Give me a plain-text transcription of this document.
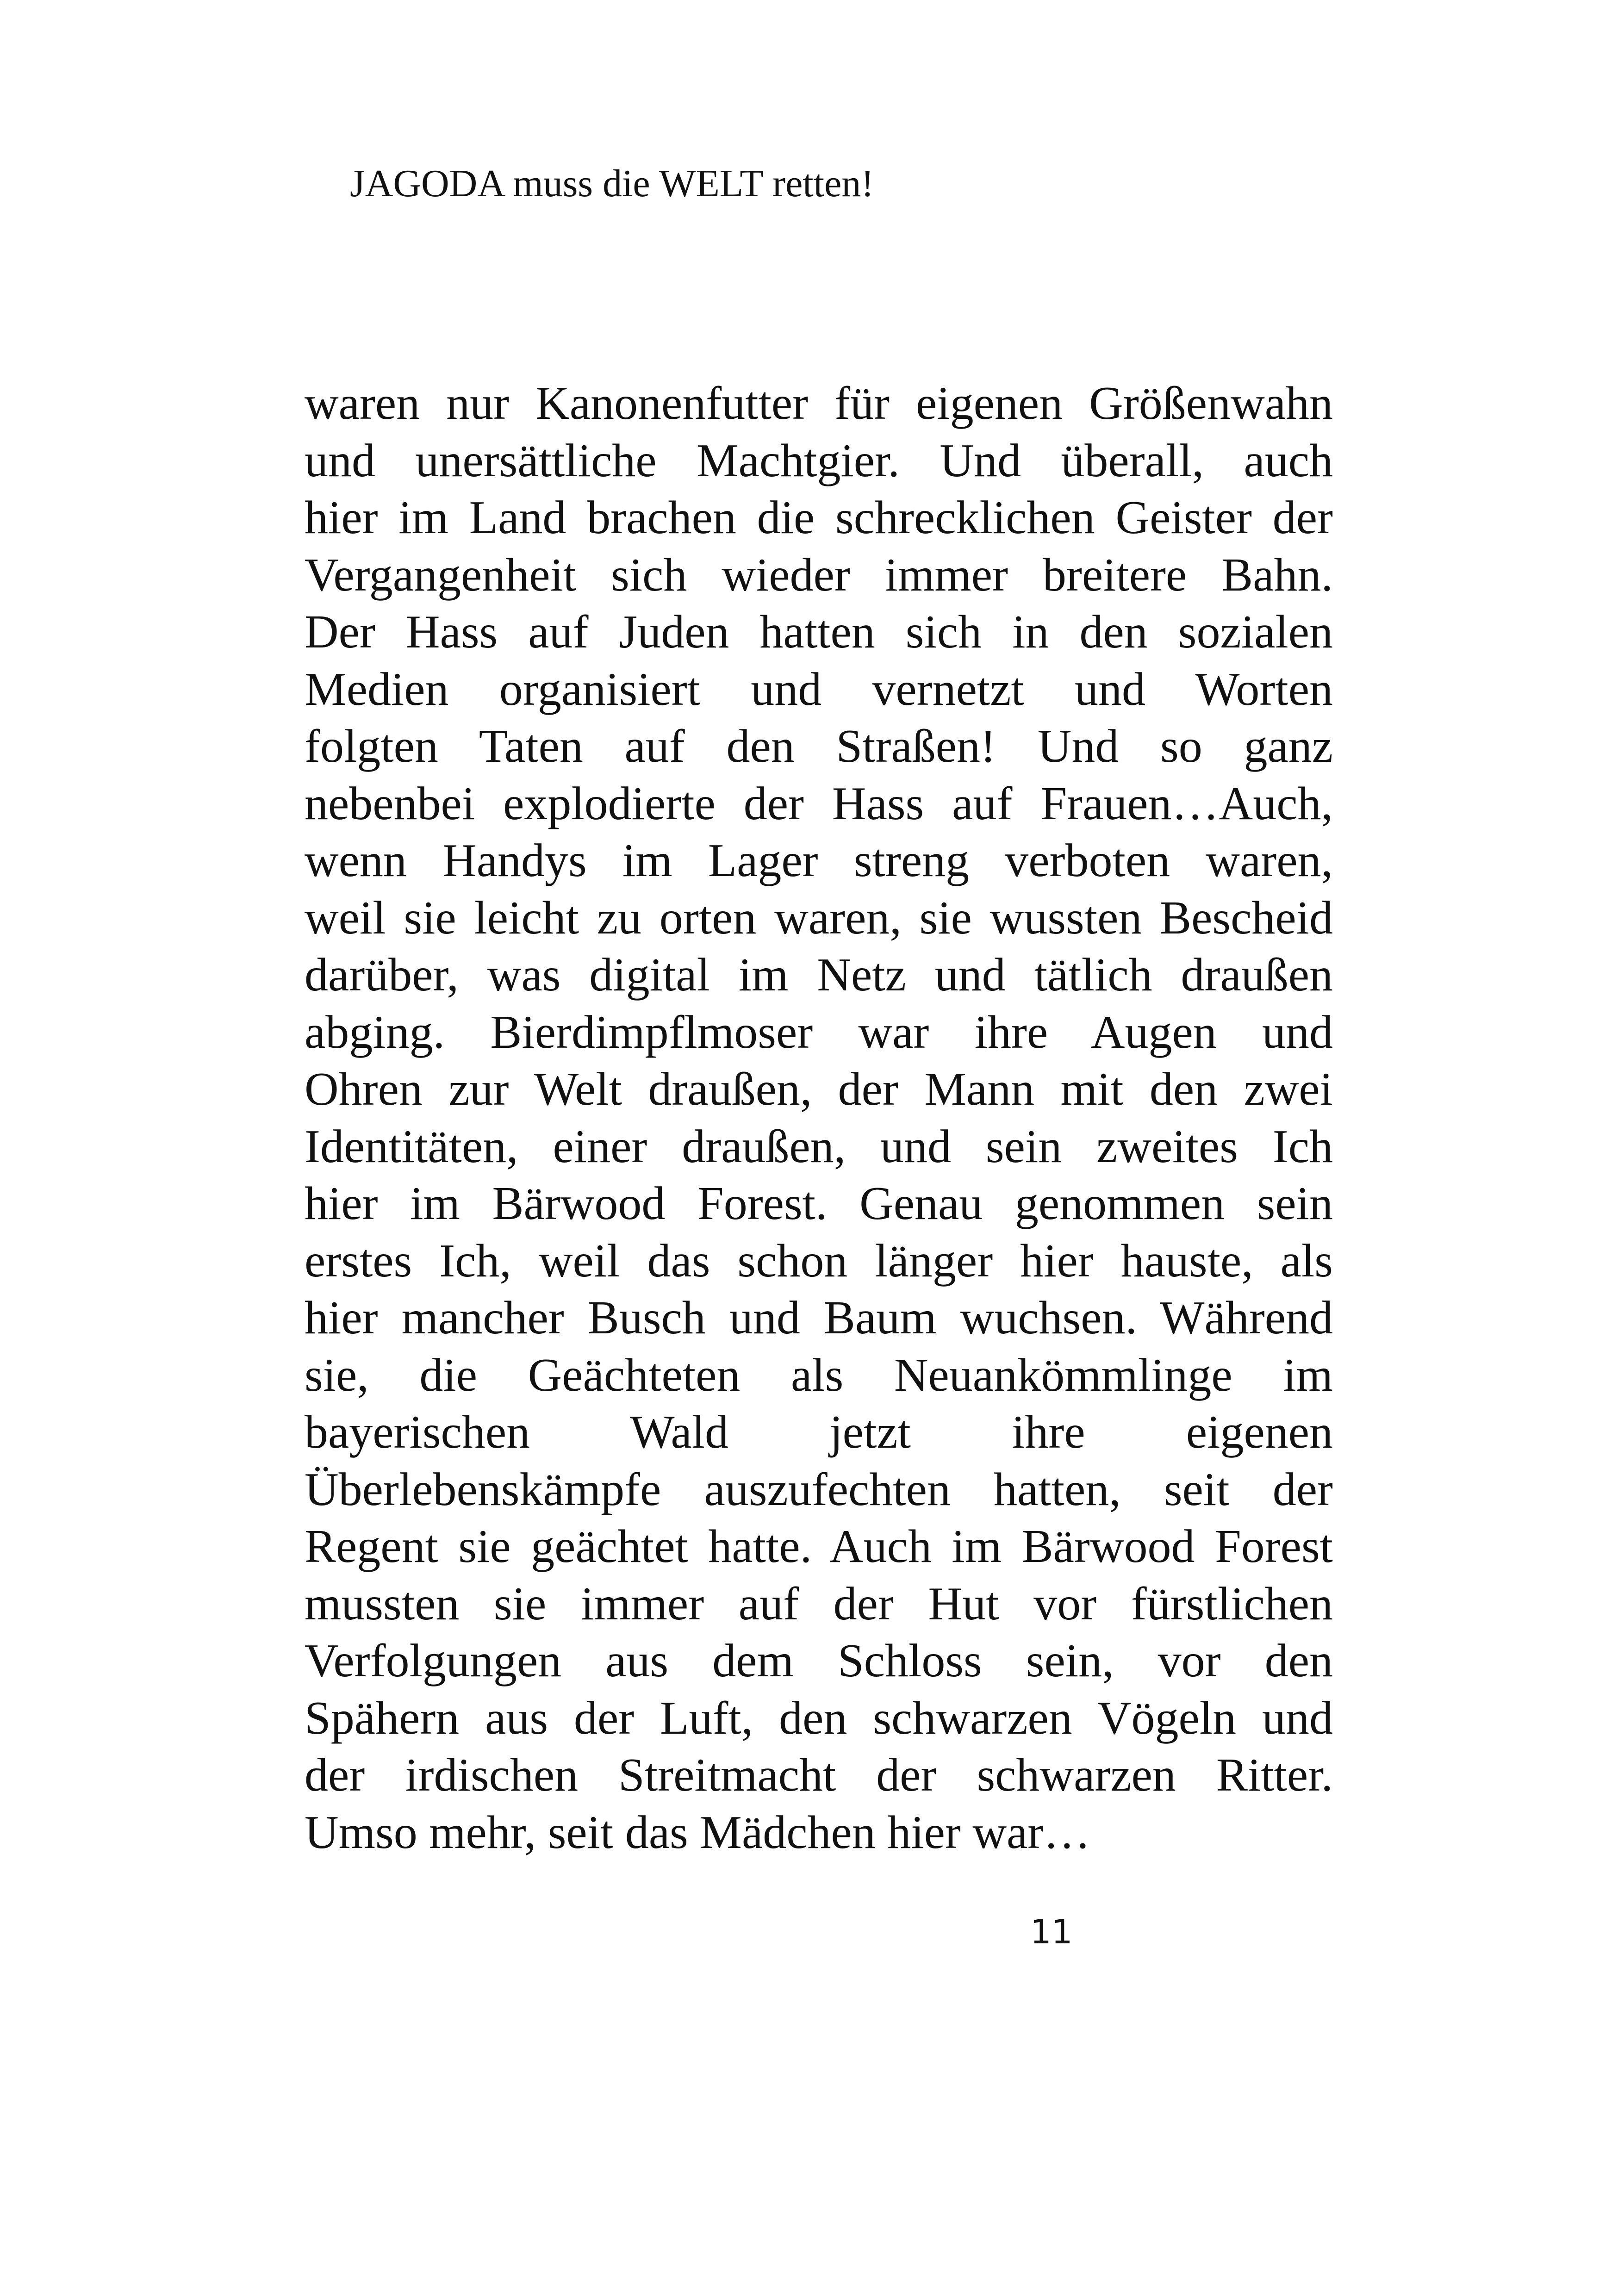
JAGODA muss die WELT retten!
waren nur Kanonenfutter für eigenen Größenwahn
und unersättliche Machtgier. Und überall, auch
hier im Land brachen die schrecklichen Geister der
Vergangenheit sich wieder immer breitere Bahn.
Der Hass auf Juden hatten sich in den sozialen
Medien organisiert und vernetzt und Worten
folgten Taten auf den Straßen! Und so ganz
nebenbei explodierte der Hass auf Frauen…Auch,
wenn Handys im Lager streng verboten waren,
weil sie leicht zu orten waren, sie wussten Bescheid
darüber, was digital im Netz und tätlich draußen
abging. Bierdimpflmoser war ihre Augen und
Ohren zur Welt draußen, der Mann mit den zwei
Identitäten, einer draußen, und sein zweites Ich
hier im Bärwood Forest. Genau genommen sein
erstes Ich, weil das schon länger hier hauste, als
hier mancher Busch und Baum wuchsen. Während
sie, die Geächteten als Neuankömmlinge im
bayerischen Wald jetzt ihre eigenen
Überlebenskämpfe auszufechten hatten, seit der
Regent sie geächtet hatte. Auch im Bärwood Forest
mussten sie immer auf der Hut vor fürstlichen
Verfolgungen aus dem Schloss sein, vor den
Spähern aus der Luft, den schwarzen Vögeln und
der irdischen Streitmacht der schwarzen Ritter.
Umso mehr, seit das Mädchen hier war…
11
